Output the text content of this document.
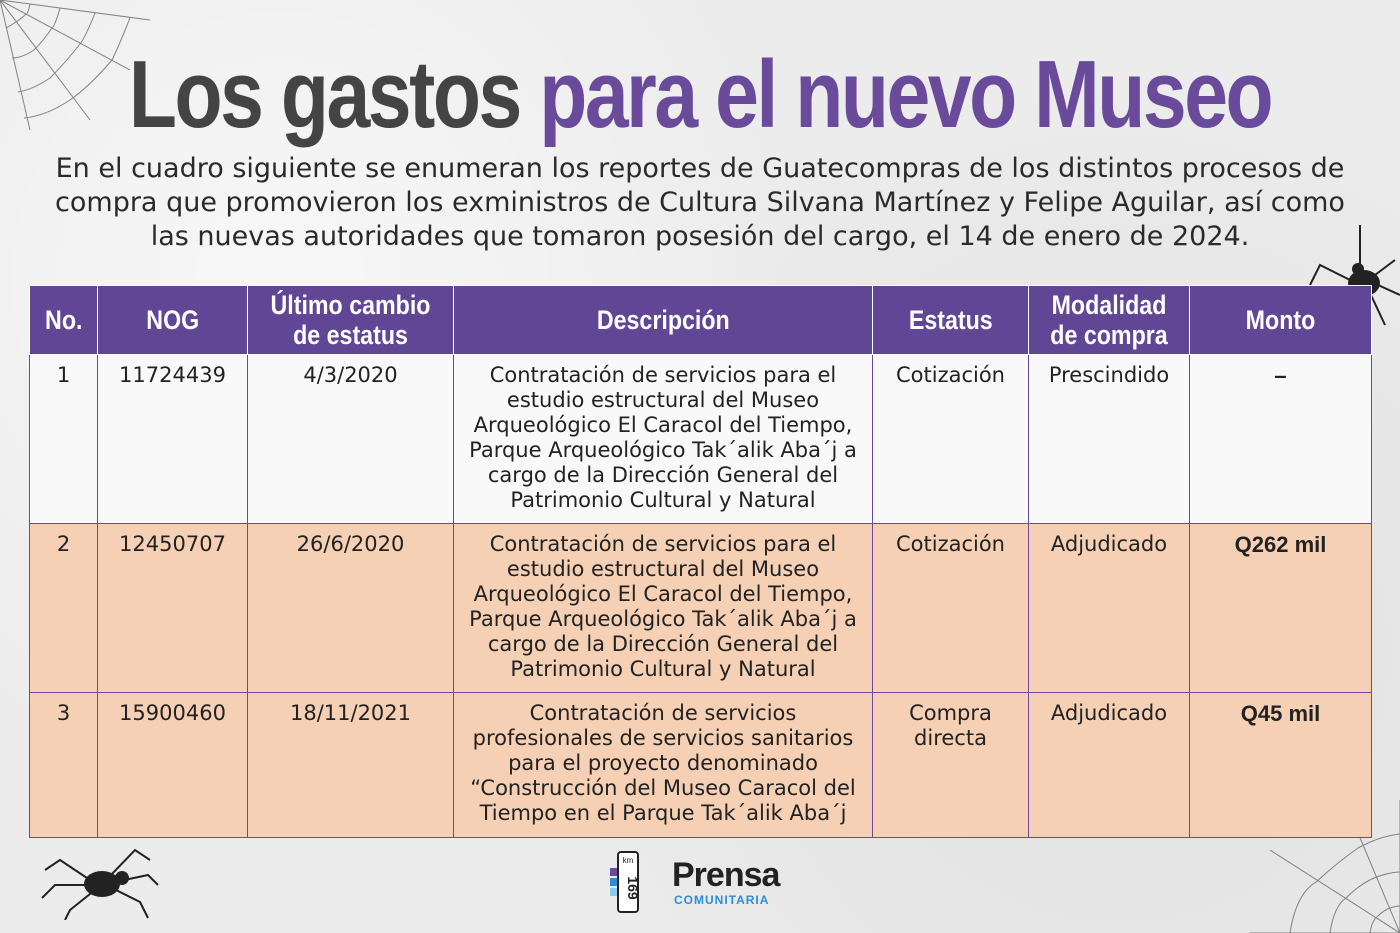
Los gastos para el nuevo Museo
En el cuadro siguiente se enumeran los reportes de Guatecompras de los distintos procesos de compra que promovieron los exministros de Cultura Silvana Martínez y Felipe Aguilar, así como las nuevas autoridades que tomaron posesión del cargo, el 14 de enero de 2024.
No.	NOG	Último cambio de estatus	Descripción	Estatus	Modalidad de compra	Monto
1	11724439	4/3/2020	Contratación de servicios para el estudio estructural del Museo Arqueológico El Caracol del Tiempo, Parque Arqueológico Tak´alik Aba´j a cargo de la Dirección General del Patrimonio Cultural y Natural	Cotización	Prescindido	–
2	12450707	26/6/2020	Contratación de servicios para el estudio estructural del Museo Arqueológico El Caracol del Tiempo, Parque Arqueológico Tak´alik Aba´j a cargo de la Dirección General del Patrimonio Cultural y Natural	Cotización	Adjudicado	Q262 mil
3	15900460	18/11/2021	Contratación de servicios profesionales de servicios sanitarios para el proyecto denominado “Construcción del Museo Caracol del Tiempo en el Parque Tak´alik Aba´j	Compra directa	Adjudicado	Q45 mil
km
169 Prensa
COMUNITARIA
